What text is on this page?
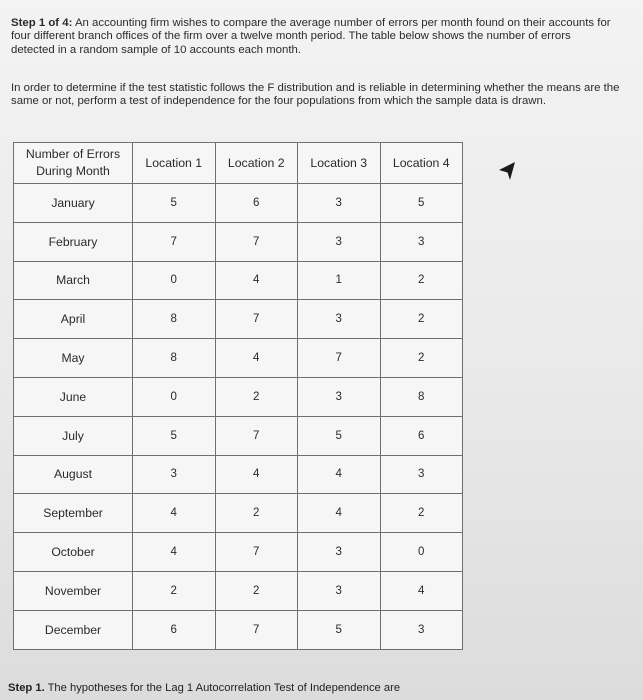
Step 1 of 4: An accounting firm wishes to compare the average number of errors per month found on their accounts for four different branch offices of the firm over a twelve month period. The table below shows the number of errors detected in a random sample of 10 accounts each month.
In order to determine if the test statistic follows the F distribution and is reliable in determining whether the means are the same or not, perform a test of independence for the four populations from which the sample data is drawn.
Number of Errors During Month	Location 1	Location 2	Location 3	Location 4
January	5	6	3	5
February	7	7	3	3
March	0	4	1	2
April	8	7	3	2
May	8	4	7	2
June	0	2	3	8
July	5	7	5	6
August	3	4	4	3
September	4	2	4	2
October	4	7	3	0
November	2	2	3	4
December	6	7	5	3
Step 1. The hypotheses for the Lag 1 Autocorrelation Test of Independence are
